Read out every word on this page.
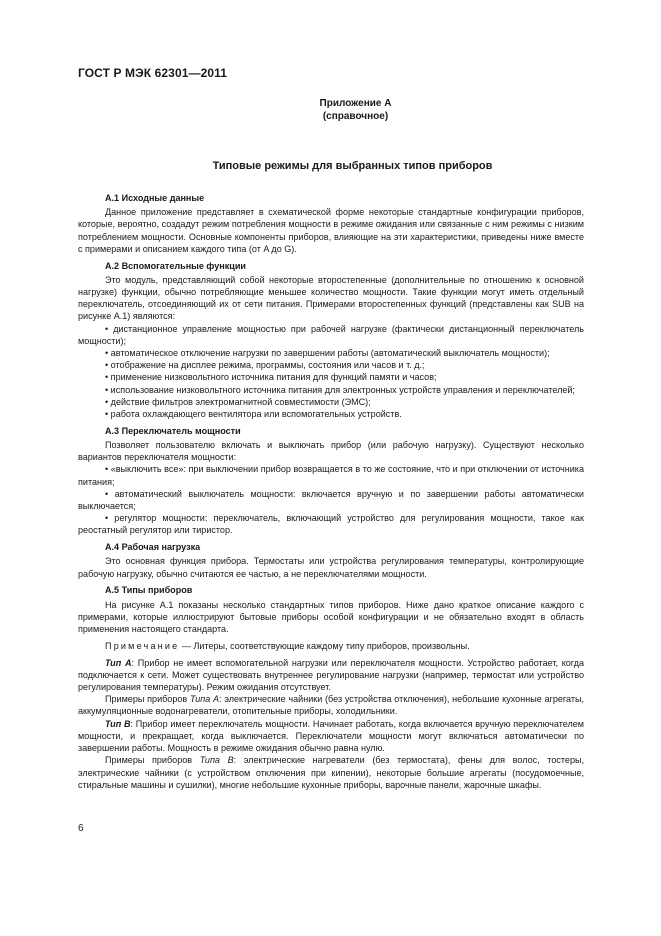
ГОСТ Р МЭК 62301—2011
Приложение А
(справочное)
Типовые режимы для выбранных типов приборов
А.1 Исходные данные

Данное приложение представляет в схематической форме некоторые стандартные конфигурации приборов, которые, вероятно, создадут режим потребления мощности в режиме ожидания или связанные с ним режимы с низким потреблением мощности. Основные компоненты приборов, влияющие на эти характеристики, приведены ниже вместе с примерами и описанием каждого типа (от A до G).

А.2 Вспомогательные функции

Это модуль, представляющий собой некоторые второстепенные (дополнительные по отношению к основной нагрузке) функции, обычно потребляющие меньшее количество мощности. Такие функции могут иметь отдельный переключатель, отсоединяющий их от сети питания. Примерами второстепенных функций (представлены как SUB на рисунке А.1) являются:

• дистанционное управление мощностью при рабочей нагрузке (фактически дистанционный переключатель мощности);

• автоматическое отключение нагрузки по завершении работы (автоматический выключатель мощности);

• отображение на дисплее режима, программы, состояния или часов и т. д.;

• применение низковольтного источника питания для функций памяти и часов;

• использование низковольтного источника питания для электронных устройств управления и переключателей;

• действие фильтров электромагнитной совместимости (ЭМС);

• работа охлаждающего вентилятора или вспомогательных устройств.

А.3 Переключатель мощности

Позволяет пользователю включать и выключать прибор (или рабочую нагрузку). Существуют несколько вариантов переключателя мощности:

• «выключить все»: при выключении прибор возвращается в то же состояние, что и при отключении от источника питания;

• автоматический выключатель мощности: включается вручную и по завершении работы автоматически выключается;

• регулятор мощности: переключатель, включающий устройство для регулирования мощности, такое как реостатный регулятор или тиристор.

А.4 Рабочая нагрузка

Это основная функция прибора. Термостаты или устройства регулирования температуры, контролирующие рабочую нагрузку, обычно считаются ее частью, а не переключателями мощности.

А.5 Типы приборов

На рисунке А.1 показаны несколько стандартных типов приборов. Ниже дано краткое описание каждого с примерами, которые иллюстрируют бытовые приборы особой конфигурации и не обязательно входят в область применения настоящего стандарта.

Примечание — Литеры, соответствующие каждому типу приборов, произвольны.

Тип А: Прибор не имеет вспомогательной нагрузки или переключателя мощности. Устройство работает, когда подключается к сети. Может существовать внутреннее регулирование нагрузки (например, термостат или устройство регулирования температуры). Режим ожидания отсутствует.

Примеры приборов Типа А: электрические чайники (без устройства отключения), небольшие кухонные агрегаты, аккумуляционные водонагреватели, отопительные приборы, холодильники.

Тип В: Прибор имеет переключатель мощности. Начинает работать, когда включается вручную переключателем мощности, и прекращает, когда выключается. Переключатели мощности могут включаться автоматически по завершении работы. Мощность в режиме ожидания обычно равна нулю.

Примеры приборов Типа В: электрические нагреватели (без термостата), фены для волос, тостеры, электрические чайники (с устройством отключения при кипении), некоторые большие агрегаты (посудомоечные, стиральные машины и сушилки), многие небольшие кухонные приборы, варочные панели, жарочные шкафы.

6
